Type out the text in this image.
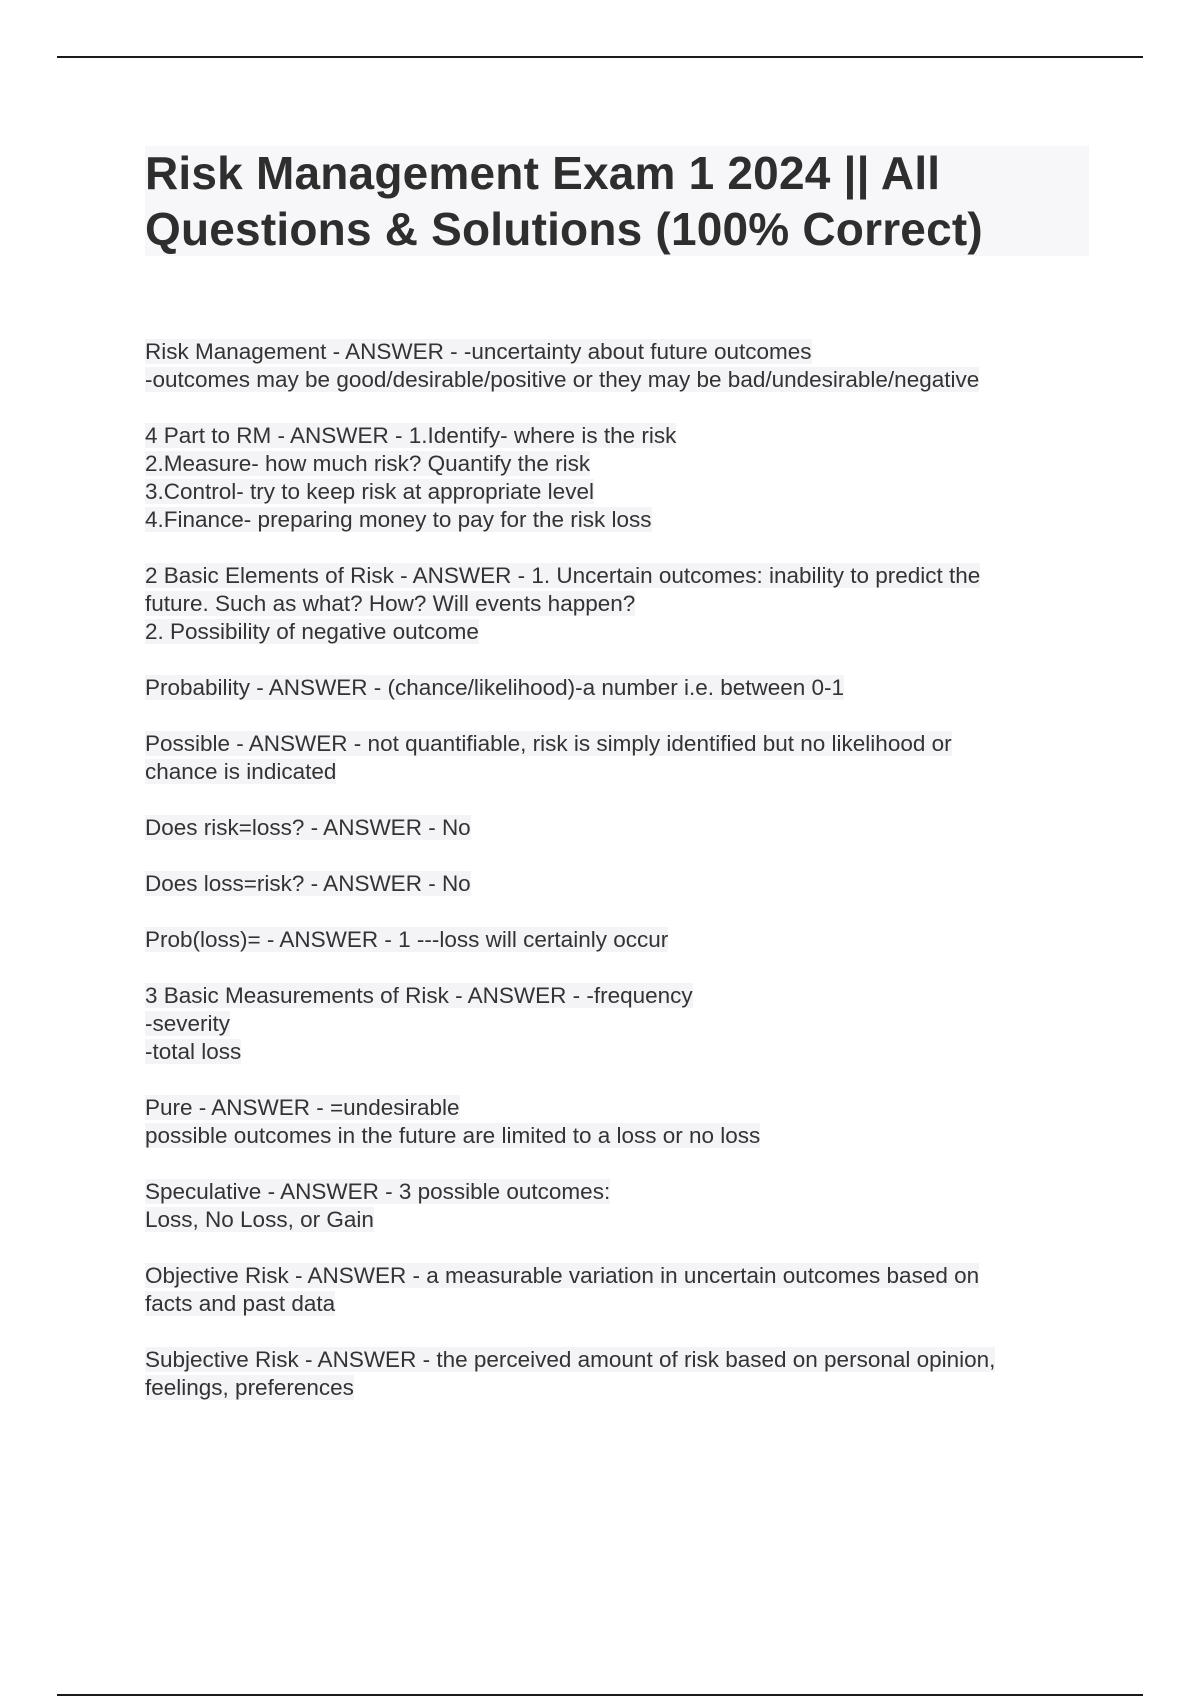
Risk Management Exam 1 2024 || All
Questions & Solutions (100% Correct)
Risk Management - ANSWER - -uncertainty about future outcomes
-outcomes may be good/desirable/positive or they may be bad/undesirable/negative
4 Part to RM - ANSWER - 1.Identify- where is the risk
2.Measure- how much risk? Quantify the risk
3.Control- try to keep risk at appropriate level
4.Finance- preparing money to pay for the risk loss
2 Basic Elements of Risk - ANSWER - 1. Uncertain outcomes: inability to predict the
future. Such as what? How? Will events happen?
2. Possibility of negative outcome
Probability - ANSWER - (chance/likelihood)-a number i.e. between 0-1
Possible - ANSWER - not quantifiable, risk is simply identified but no likelihood or
chance is indicated
Does risk=loss? - ANSWER - No
Does loss=risk? - ANSWER - No
Prob(loss)= - ANSWER - 1 ---loss will certainly occur
3 Basic Measurements of Risk - ANSWER - -frequency
-severity
-total loss
Pure - ANSWER - =undesirable
possible outcomes in the future are limited to a loss or no loss
Speculative - ANSWER - 3 possible outcomes:
Loss, No Loss, or Gain
Objective Risk - ANSWER - a measurable variation in uncertain outcomes based on
facts and past data
Subjective Risk - ANSWER - the perceived amount of risk based on personal opinion,
feelings, preferences
